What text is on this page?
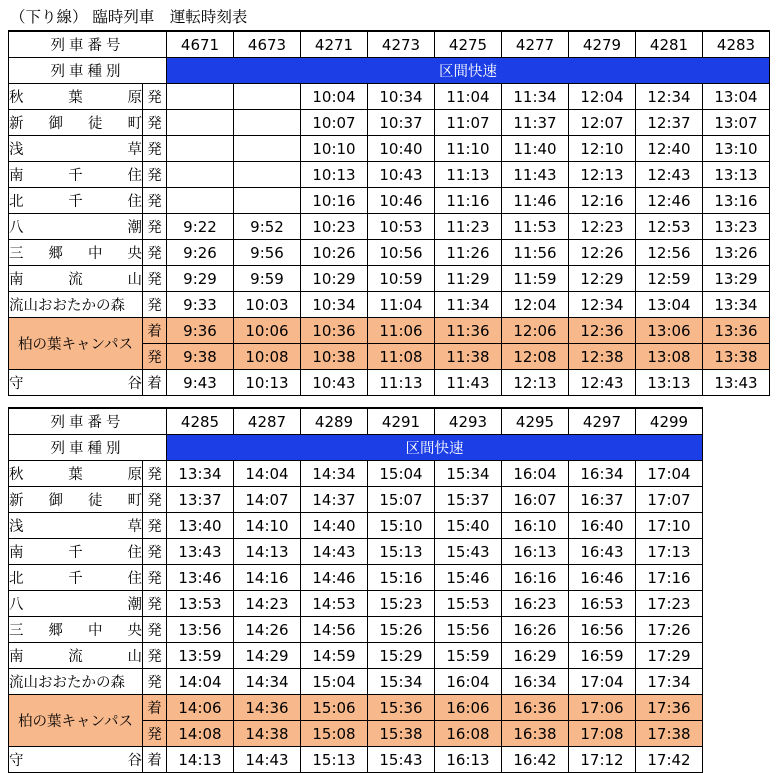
（下り線） 臨時列車　運転時刻表
列車番号		4671	4673	4271	4273	4275	4277	4279	4281	4283
列車種別		区間快速								
秋葉原	発			10:04	10:34	11:04	11:34	12:04	12:34	13:04
新御徒町	発			10:07	10:37	11:07	11:37	12:07	12:37	13:07
浅草	発			10:10	10:40	11:10	11:40	12:10	12:40	13:10
南千住	発			10:13	10:43	11:13	11:43	12:13	12:43	13:13
北千住	発			10:16	10:46	11:16	11:46	12:16	12:46	13:16
八潮	発	9:22	9:52	10:23	10:53	11:23	11:53	12:23	12:53	13:23
三郷中央	発	9:26	9:56	10:26	10:56	11:26	11:56	12:26	12:56	13:26
南流山	発	9:29	9:59	10:29	10:59	11:29	11:59	12:29	12:59	13:29
流山おおたかの森	発	9:33	10:03	10:34	11:04	11:34	12:04	12:34	13:04	13:34
柏の葉キャンパス	着	9:36	10:06	10:36	11:06	11:36	12:06	12:36	13:06	13:36
	発	9:38	10:08	10:38	11:08	11:38	12:08	12:38	13:08	13:38
守谷	着	9:43	10:13	10:43	11:13	11:43	12:13	12:43	13:13	13:43
列車番号		4285	4287	4289	4291	4293	4295	4297	4299
列車種別		区間快速							
秋葉原	発	13:34	14:04	14:34	15:04	15:34	16:04	16:34	17:04
新御徒町	発	13:37	14:07	14:37	15:07	15:37	16:07	16:37	17:07
浅草	発	13:40	14:10	14:40	15:10	15:40	16:10	16:40	17:10
南千住	発	13:43	14:13	14:43	15:13	15:43	16:13	16:43	17:13
北千住	発	13:46	14:16	14:46	15:16	15:46	16:16	16:46	17:16
八潮	発	13:53	14:23	14:53	15:23	15:53	16:23	16:53	17:23
三郷中央	発	13:56	14:26	14:56	15:26	15:56	16:26	16:56	17:26
南流山	発	13:59	14:29	14:59	15:29	15:59	16:29	16:59	17:29
流山おおたかの森	発	14:04	14:34	15:04	15:34	16:04	16:34	17:04	17:34
柏の葉キャンパス	着	14:06	14:36	15:06	15:36	16:06	16:36	17:06	17:36
	発	14:08	14:38	15:08	15:38	16:08	16:38	17:08	17:38
守谷	着	14:13	14:43	15:13	15:43	16:13	16:42	17:12	17:42
